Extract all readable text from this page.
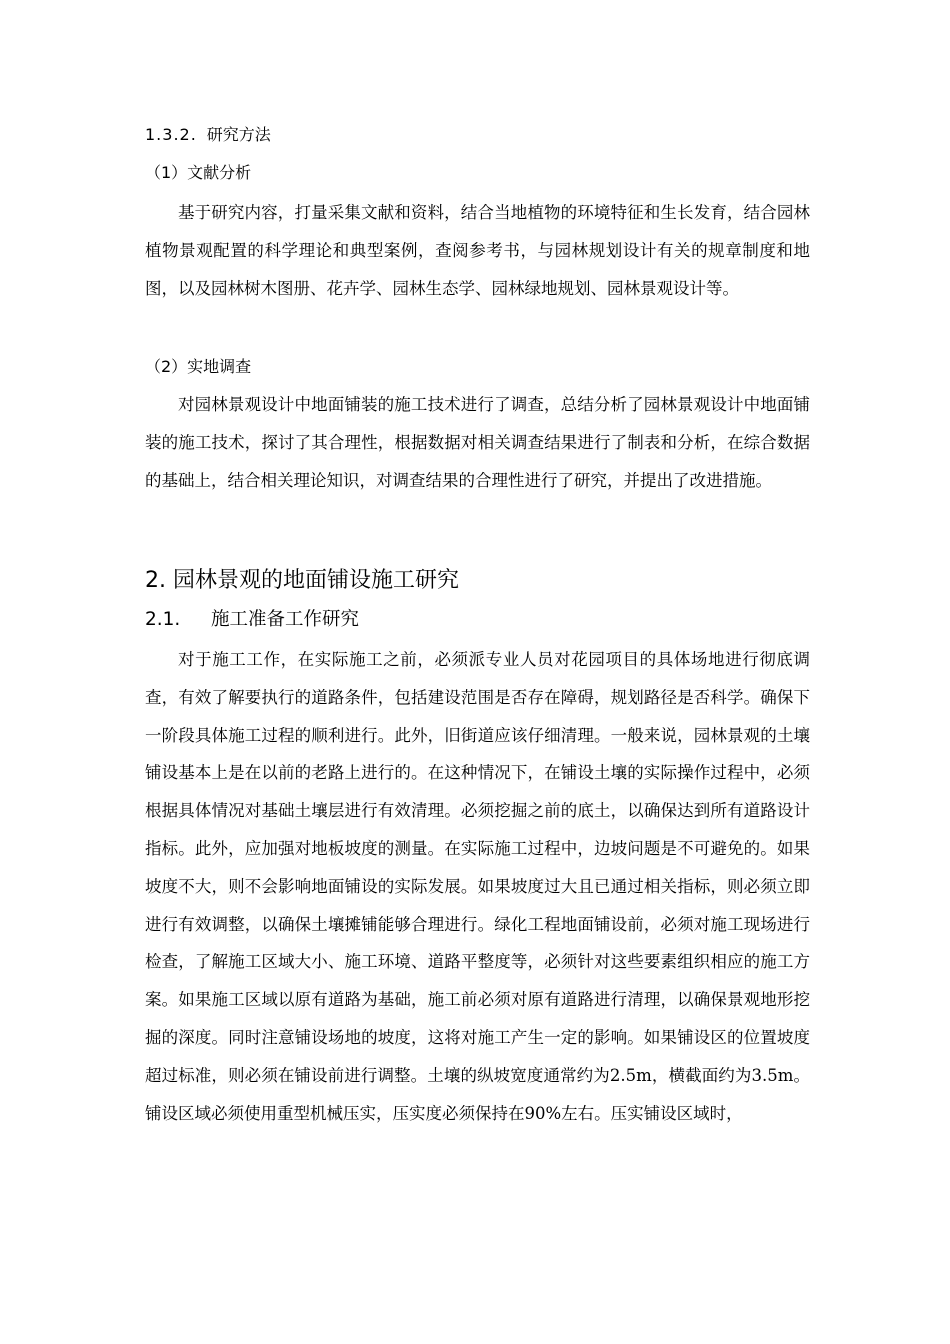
1.3.2. 研究方法
（1）文献分析

基于研究内容，打量采集文献和资料，结合当地植物的环境特征和生长发育，结合园林植物景观配置的科学理论和典型案例，查阅参考书，与园林规划设计有关的规章制度和地图，以及园林树木图册、花卉学、园林生态学、园林绿地规划、园林景观设计等。

（2）实地调查

对园林景观设计中地面铺装的施工技术进行了调查，总结分析了园林景观设计中地面铺装的施工技术，探讨了其合理性，根据数据对相关调查结果进行了制表和分析，在综合数据的基础上，结合相关理论知识，对调查结果的合理性进行了研究，并提出了改进措施。

2. 园林景观的地面铺设施工研究
2.1. 施工准备工作研究

对于施工工作，在实际施工之前，必须派专业人员对花园项目的具体场地进行彻底调查，有效了解要执行的道路条件，包括建设范围是否存在障碍，规划路径是否科学。确保下一阶段具体施工过程的顺利进行。此外，旧街道应该仔细清理。一般来说，园林景观的土壤铺设基本上是在以前的老路上进行的。在这种情况下，在铺设土壤的实际操作过程中，必须根据具体情况对基础土壤层进行有效清理。必须挖掘之前的底土，以确保达到所有道路设计指标。此外，应加强对地板坡度的测量。在实际施工过程中，边坡问题是不可避免的。如果坡度不大，则不会影响地面铺设的实际发展。如果坡度过大且已通过相关指标，则必须立即进行有效调整，以确保土壤摊铺能够合理进行。绿化工程地面铺设前，必须对施工现场进行检查，了解施工区域大小、施工环境、道路平整度等，必须针对这些要素组织相应的施工方案。如果施工区域以原有道路为基础，施工前必须对原有道路进行清理，以确保景观地形挖掘的深度。同时注意铺设场地的坡度，这将对施工产生一定的影响。如果铺设区的位置坡度超过标准，则必须在铺设前进行调整。土壤的纵坡宽度通常约为2.5m，横截面约为3.5m。铺设区域必须使用重型机械压实，压实度必须保持在90%左右。压实铺设区域时，
